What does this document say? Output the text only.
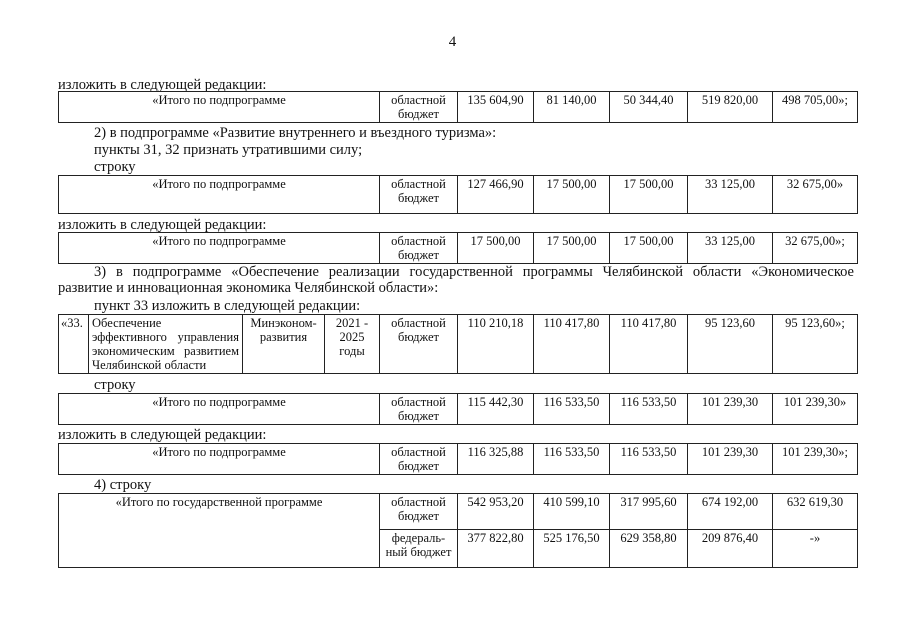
4
изложить в следующей редакции:
«Итого по подпрограмме	областной бюджет	135 604,90	81 140,00	50 344,40	519 820,00	498 705,00»;
2) в подпрограмме «Развитие внутреннего и въездного туризма»:
пункты 31, 32 признать утратившими силу;
строку
«Итого по подпрограмме	областной бюджет	127 466,90	17 500,00	17 500,00	33 125,00	32 675,00»
изложить в следующей редакции:
«Итого по подпрограмме	областной бюджет	17 500,00	17 500,00	17 500,00	33 125,00	32 675,00»;
3) в подпрограмме «Обеспечение реализации государственной программы Челябинской области «Экономическое развитие и инновационная экономика Челябинской области»:
пункт 33 изложить в следующей редакции:
«33.	Обеспечение эффективного управления экономическим развитием Челябинской области	Минэконом-развития	2021 - 2025 годы	областной бюджет	110 210,18	110 417,80	110 417,80	95 123,60	95 123,60»;
строку
«Итого по подпрограмме	областной бюджет	115 442,30	116 533,50	116 533,50	101 239,30	101 239,30»
изложить в следующей редакции:
«Итого по подпрограмме	областной бюджет	116 325,88	116 533,50	116 533,50	101 239,30	101 239,30»;
4) строку
«Итого по государственной программе	областной бюджет	542 953,20	410 599,10	317 995,60	674 192,00	632 619,30
	федераль-ный бюджет	377 822,80	525 176,50	629 358,80	209 876,40	-»
